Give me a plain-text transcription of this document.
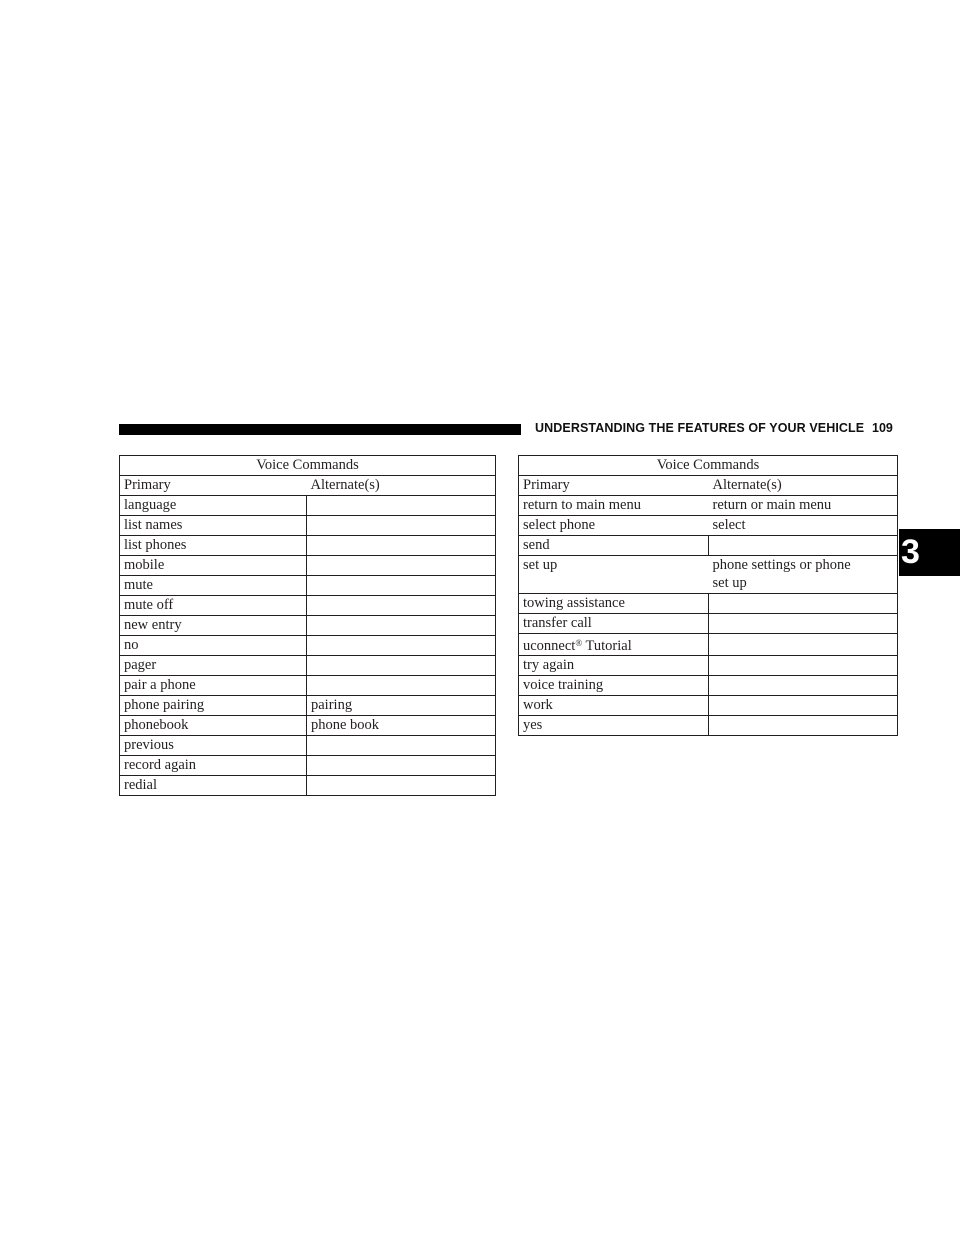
UNDERSTANDING THE FEATURES OF YOUR VEHICLE 109
3
Voice Commands	
Primary	Alternate(s)
language	
list names	
list phones	
mobile	
mute	
mute off	
new entry	
no	
pager	
pair a phone	
phone pairing	pairing
phonebook	phone book
previous	
record again	
redial	
Voice Commands	
Primary	Alternate(s)
return to main menu	return or main menu
select phone	select
send	
set up	phone settings or phone
set up

towing assistance	
transfer call	
uconnect® Tutorial	
try again	
voice training	
work	
yes	
